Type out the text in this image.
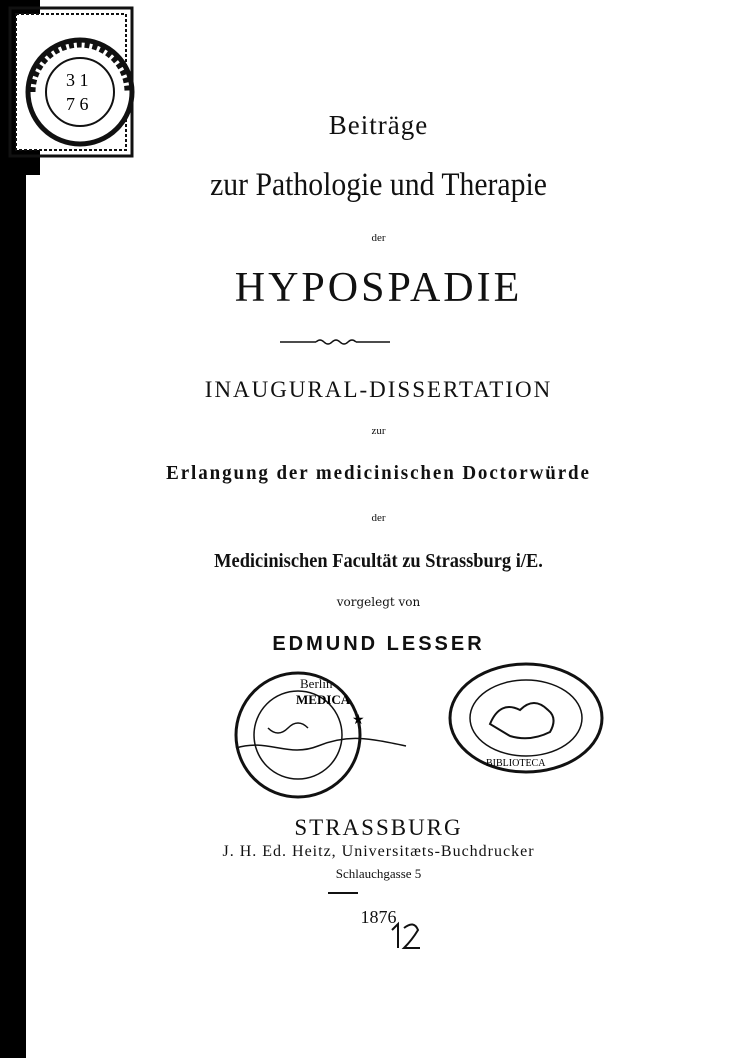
3 1
7 6
Beiträge
zur Pathologie und Therapie
der
HYPOSPADIE
INAUGURAL-DISSERTATION
zur
Erlangung der medicinischen Doctorwürde
der
Medicinischen Facultät zu Strassburg i/E.
vorgelegt von
EDMUND LESSER
Berlin
MEDICA
★
BIBLIOTECA
STRASSBURG
J. H. Ed. Heitz, Universitæts-Buchdrucker
Schlauchgasse 5
1876
